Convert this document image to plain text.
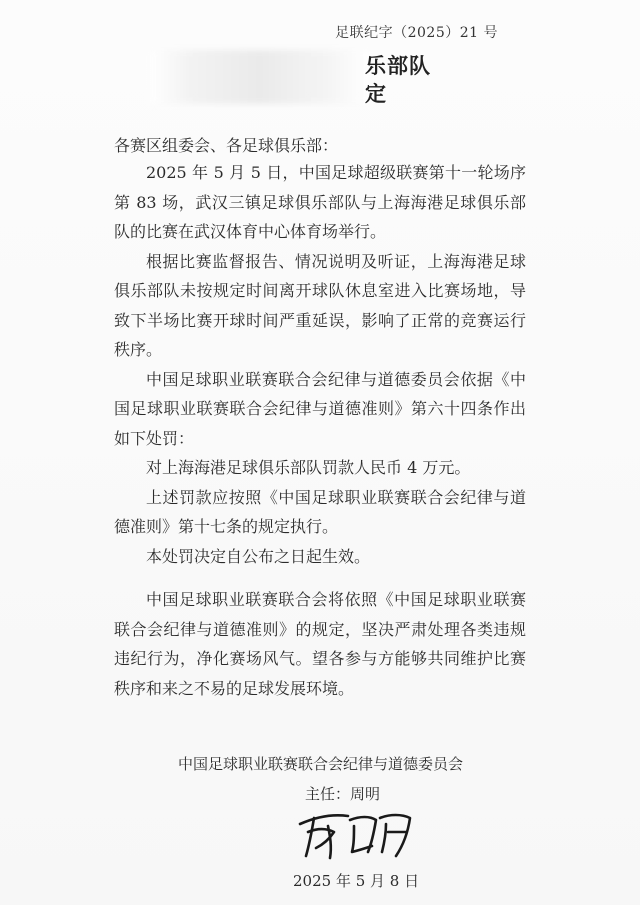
足联纪字（2025）21 号
乐部队
定
各赛区组委会、各足球俱乐部：

2025 年 5 月 5 日，中国足球超级联赛第十一轮场序第 83 场，武汉三镇足球俱乐部队与上海海港足球俱乐部队的比赛在武汉体育中心体育场举行。

根据比赛监督报告、情况说明及听证，上海海港足球俱乐部队未按规定时间离开球队休息室进入比赛场地，导致下半场比赛开球时间严重延误，影响了正常的竞赛运行秩序。

中国足球职业联赛联合会纪律与道德委员会依据《中国足球职业联赛联合会纪律与道德准则》第六十四条作出如下处罚：

对上海海港足球俱乐部队罚款人民币 4 万元。

上述罚款应按照《中国足球职业联赛联合会纪律与道德准则》第十七条的规定执行。

本处罚决定自公布之日起生效。

中国足球职业联赛联合会将依照《中国足球职业联赛联合会纪律与道德准则》的规定，坚决严肃处理各类违规违纪行为，净化赛场风气。望各参与方能够共同维护比赛秩序和来之不易的足球发展环境。

中国足球职业联赛联合会纪律与道德委员会
主任：周明
2025 年 5 月 8 日
